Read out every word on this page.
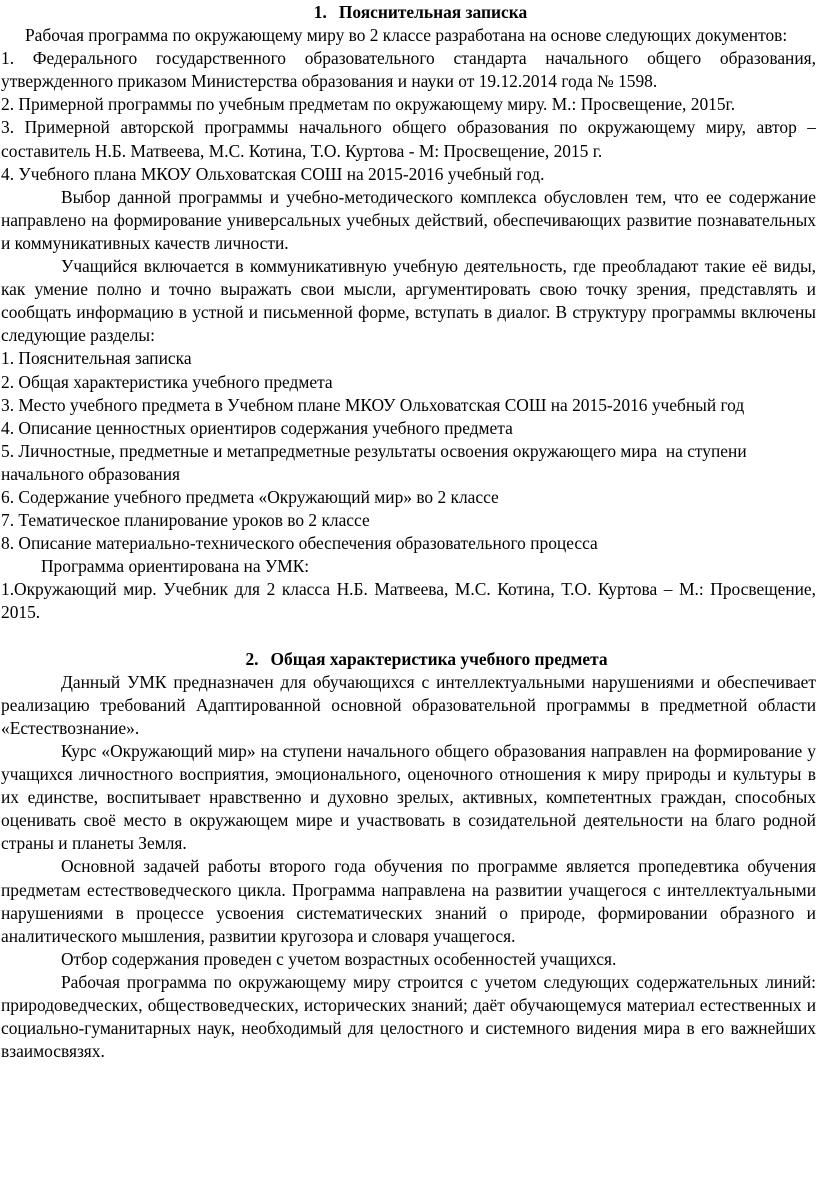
1. Пояснительная записка

Рабочая программа по окружающему миру во 2 классе разработана на основе следующих документов:

1. Федерального государственного образовательного стандарта начального общего образования, утвержденного приказом Министерства образования и науки от 19.12.2014 года № 1598.

2. Примерной программы по учебным предметам по окружающему миру. М.: Просвещение, 2015г.

3. Примерной авторской программы начального общего образования по окружающему миру, автор – составитель Н.Б. Матвеева, М.С. Котина, Т.О. Куртова - М: Просвещение, 2015 г.

4. Учебного плана МКОУ Ольховатская СОШ на 2015-2016 учебный год.

Выбор данной программы и учебно-методического комплекса обусловлен тем, что ее содержание направлено на формирование универсальных учебных действий, обеспечивающих развитие познавательных и коммуникативных качеств личности.

Учащийся включается в коммуникативную учебную деятельность, где преобладают такие её виды, как умение полно и точно выражать свои мысли, аргументировать свою точку зрения, представлять и сообщать информацию в устной и письменной форме, вступать в диалог. В структуру программы включены следующие разделы:

1. Пояснительная записка

2. Общая характеристика учебного предмета

3. Место учебного предмета в Учебном плане МКОУ Ольховатская СОШ на 2015-2016 учебный год

4. Описание ценностных ориентиров содержания учебного предмета

5. Личностные, предметные и метапредметные результаты освоения окружающего мира  на ступени начального образования

6. Содержание учебного предмета «Окружающий мир» во 2 классе

7. Тематическое планирование уроков во 2 классе

8. Описание материально-технического обеспечения образовательного процесса

Программа ориентирована на УМК:

1.Окружающий мир. Учебник для 2 класса Н.Б. Матвеева, М.С. Котина, Т.О. Куртова – М.: Просвещение, 2015.

2. Общая характеристика учебного предмета

Данный УМК предназначен для обучающихся с интеллектуальными нарушениями и обеспечивает реализацию требований Адаптированной основной образовательной программы в предметной области «Естествознание».

Курс «Окружающий мир» на ступени начального общего образования направлен на формирование у учащихся личностного восприятия, эмоционального, оценочного отношения к миру природы и культуры в их единстве, воспитывает нравственно и духовно зрелых, активных, компетентных граждан, способных оценивать своё место в окружающем мире и участвовать в созидательной деятельности на благо родной страны и планеты Земля.

Основной задачей работы второго года обучения по программе является пропедевтика обучения предметам естествоведческого цикла. Программа направлена на развитии учащегося с интеллектуальными нарушениями в процессе усвоения систематических знаний о природе, формировании образного и аналитического мышления, развитии кругозора и словаря учащегося.

Отбор содержания проведен с учетом возрастных особенностей учащихся.

Рабочая программа по окружающему миру строится с учетом следующих содержательных линий: природоведческих, обществоведческих, исторических знаний; даёт обучающемуся материал естественных и социально-гуманитарных наук, необходимый для целостного и системного видения мира в его важнейших взаимосвязях.
